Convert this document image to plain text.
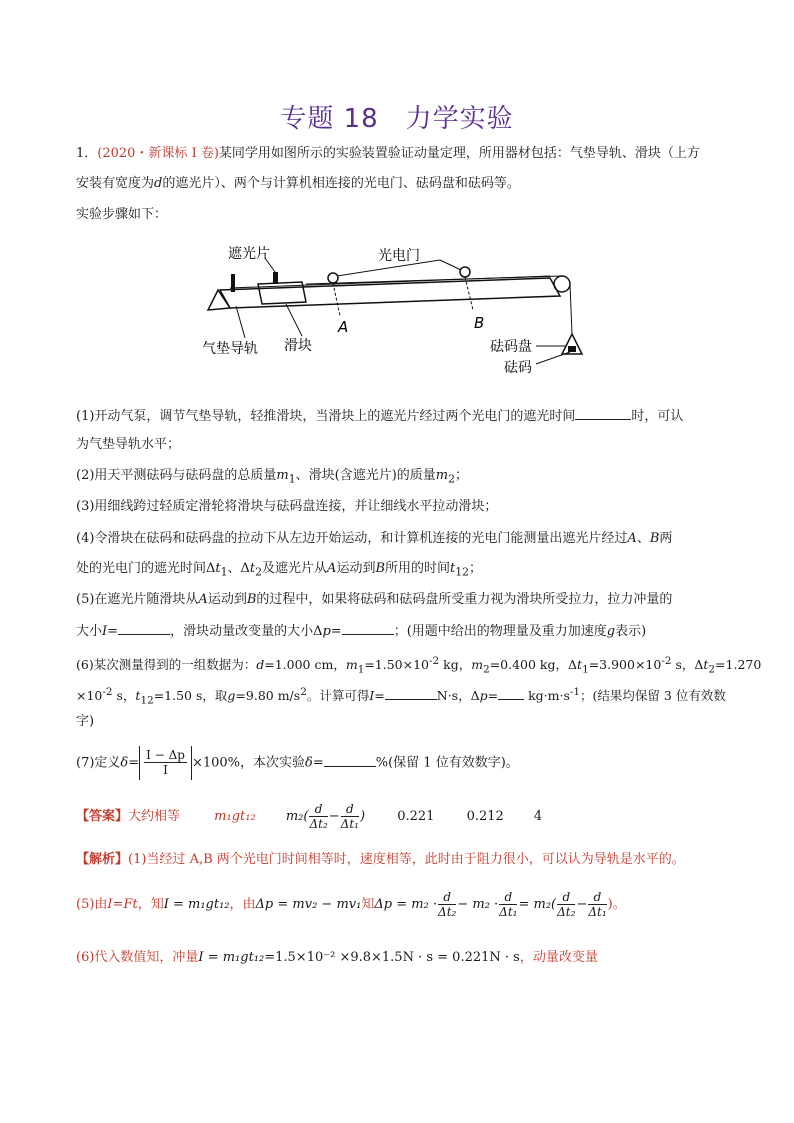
专题 18　力学实验
1．(2020・新课标 I 卷)某同学用如图所示的实验装置验证动量定理，所用器材包括：气垫导轨、滑块（上方
安装有宽度为d的遮光片）、两个与计算机相连接的光电门、砝码盘和砝码等。
实验步骤如下：
遮光片	光电门
气垫导轨 滑块
A	B
砝码盘
砝码
(1)开动气泵，调节气垫导轨，轻推滑块，当滑块上的遮光片经过两个光电门的遮光时间	时，可认
为气垫导轨水平；
(2)用天平测砝码与砝码盘的总质量$m_1$、滑块(含遮光片)的质量$m_2$；
(3)用细线跨过轻质定滑轮将滑块与砝码盘连接，并让细线水平拉动滑块；
(4)令滑块在砝码和砝码盘的拉动下从左边开始运动，和计算机连接的光电门能测量出遮光片经过A、B两
处的光电门的遮光时间$\Delta t_1$、$\Delta t_2$及遮光片从A运动到B所用的时间$t_{12}$；
(5)在遮光片随滑块从A运动到B的过程中，如果将砝码和砝码盘所受重力视为滑块所受拉力，拉力冲量的
大小I=	，滑块动量改变量的大小Δp=	；(用题中给出的物理量及重力加速度g表示)
(6)某次测量得到的一组数据为：d=1.000 cm，$m_1=1.50\times 10^{-2}$ kg，$m_2=0.400$ kg，$\Delta t_1=3.900\times 10^{-2}$ s，$\Delta t_2=1.270$
$\times 10^{-2}$ s，$t_{12}=1.50$ s，取g=9.80 $m/s^2$。计算可得I=	N·s，$\Delta p= kg\cdot m\cdot s^{-1}$；(结果均保留 3 位有效数
字)
(7)定义$\delta= \frac{I - \Delta p}{I} \times 100\%$，本次实验δ=	%(保留 1 位有效数字)。
【答案】大约相等	m₁gt₁₂ $m_2( \frac{d}{\text{Δt₂}} - \frac{d}{\text{Δt₁}}$ ) 0.221 0.212 4
【解析】(1)当经过 A,B 两个光电门时间相等时，速度相等，此时由于阻力很小，可以认为导轨是水平的。
(5)由I=Ft，知I = m₁gt₁₂，由Δp = mv₂ − mv₁知$\Delta p = m_2 \cdot \frac{d}{\text{Δt₂}} - m_2 \cdot \frac{d}{\text{Δt₁}} = m_2( \frac{d}{\text{Δt₂}} - \frac{d}{\text{Δt₁}}$ )。
(6)代入数值知，冲量I = m₁gt₁₂=1.5×10⁻² ×9.8×1.5N · s = 0.221N · s，动量改变量
